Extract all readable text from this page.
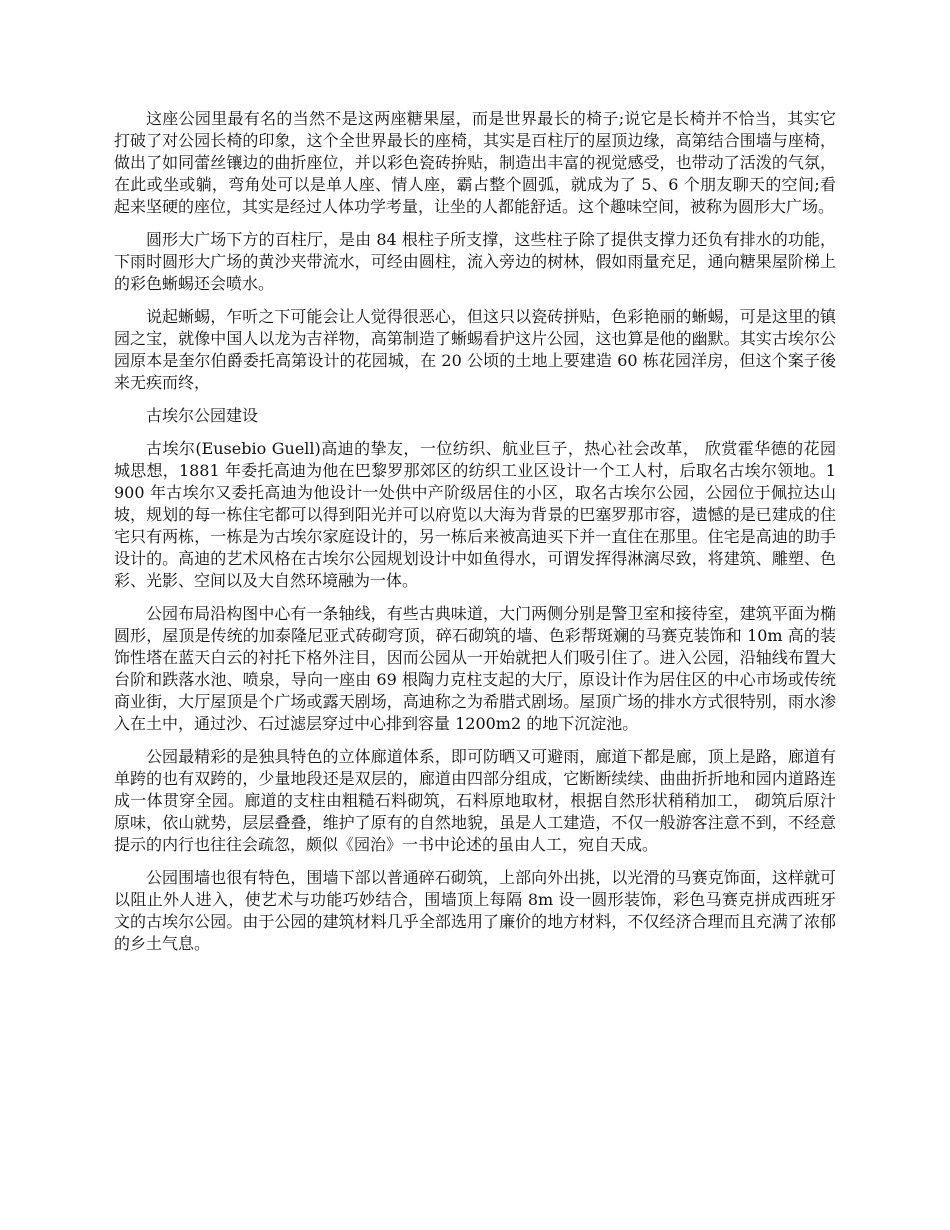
这座公园里最有名的当然不是这两座糖果屋，而是世界最长的椅子;说它是长椅并不恰当，其实它打破了对公园长椅的印象，这个全世界最长的座椅，其实是百柱厅的屋顶边缘，高第结合围墙与座椅，做出了如同蕾丝镶边的曲折座位，并以彩色瓷砖拚贴，制造出丰富的视觉感受，也带动了活泼的气氛，在此或坐或躺，弯角处可以是单人座、情人座，霸占整个圆弧，就成为了 5、6 个朋友聊天的空间;看起来坚硬的座位，其实是经过人体功学考量，让坐的人都能舒适。这个趣味空间，被称为圆形大广场。

圆形大广场下方的百柱厅，是由 84 根柱子所支撑，这些柱子除了提供支撑力还负有排水的功能，下雨时圆形大广场的黄沙夹带流水，可经由圆柱，流入旁边的树林，假如雨量充足，通向糖果屋阶梯上的彩色蜥蜴还会喷水。

说起蜥蜴，乍听之下可能会让人觉得很恶心，但这只以瓷砖拼贴，色彩艳丽的蜥蜴，可是这里的镇园之宝，就像中国人以龙为吉祥物，高第制造了蜥蜴看护这片公园，这也算是他的幽默。其实古埃尔公园原本是奎尔伯爵委托高第设计的花园城，在 20 公顷的土地上要建造 60 栋花园洋房，但这个案子後来无疾而终，

古埃尔公园建设

古埃尔(Eusebio Guell)高迪的挚友，一位纺织、航业巨子，热心社会改革， 欣赏霍华德的花园城思想，1881 年委托高迪为他在巴黎罗那郊区的纺织工业区设计一个工人村，后取名古埃尔领地。1900 年古埃尔又委托高迪为他设计一处供中产阶级居住的小区，取名古埃尔公园，公园位于佩拉达山坡，规划的每一栋住宅都可以得到阳光并可以府览以大海为背景的巴塞罗那市容，遗憾的是已建成的住宅只有两栋，一栋是为古埃尔家庭设计的，另一栋后来被高迪买下并一直住在那里。住宅是高迪的助手设计的。高迪的艺术风格在古埃尔公园规划设计中如鱼得水，可谓发挥得淋漓尽致，将建筑、雕塑、色彩、光影、空间以及大自然环境融为一体。

公园布局沿构图中心有一条轴线，有些古典味道，大门两侧分别是警卫室和接待室，建筑平面为椭圆形，屋顶是传统的加泰隆尼亚式砖砌穹顶，碎石砌筑的墙、色彩帮斑斓的马赛克装饰和 10m 高的装饰性塔在蓝天白云的衬托下格外注目，因而公园从一开始就把人们吸引住了。进入公园，沿轴线布置大台阶和跌落水池、喷泉，导向一座由 69 根陶力克柱支起的大厅，原设计作为居住区的中心市场或传统商业街，大厅屋顶是个广场或露天剧场，高迪称之为希腊式剧场。屋顶广场的排水方式很特别，雨水渗入在土中，通过沙、石过滤层穿过中心排到容量 1200m2 的地下沉淀池。

公园最精彩的是独具特色的立体廊道体系，即可防晒又可避雨，廊道下都是廊，顶上是路，廊道有单跨的也有双跨的，少量地段还是双层的，廊道由四部分组成，它断断续续、曲曲折折地和园内道路连成一体贯穿全园。廊道的支柱由粗糙石料砌筑，石料原地取材，根据自然形状稍稍加工， 砌筑后原汁原味，依山就势，层层叠叠，维护了原有的自然地貌，虽是人工建造，不仅一般游客注意不到，不经意提示的内行也往往会疏忽，颇似《园治》一书中论述的虽由人工，宛自天成。

公园围墙也很有特色，围墙下部以普通碎石砌筑，上部向外出挑，以光滑的马赛克饰面，这样就可以阻止外人进入，使艺术与功能巧妙结合，围墙顶上每隔 8m 设一圆形装饰，彩色马赛克拼成西班牙文的古埃尔公园。由于公园的建筑材料几乎全部选用了廉价的地方材料，不仅经济合理而且充满了浓郁的乡土气息。
